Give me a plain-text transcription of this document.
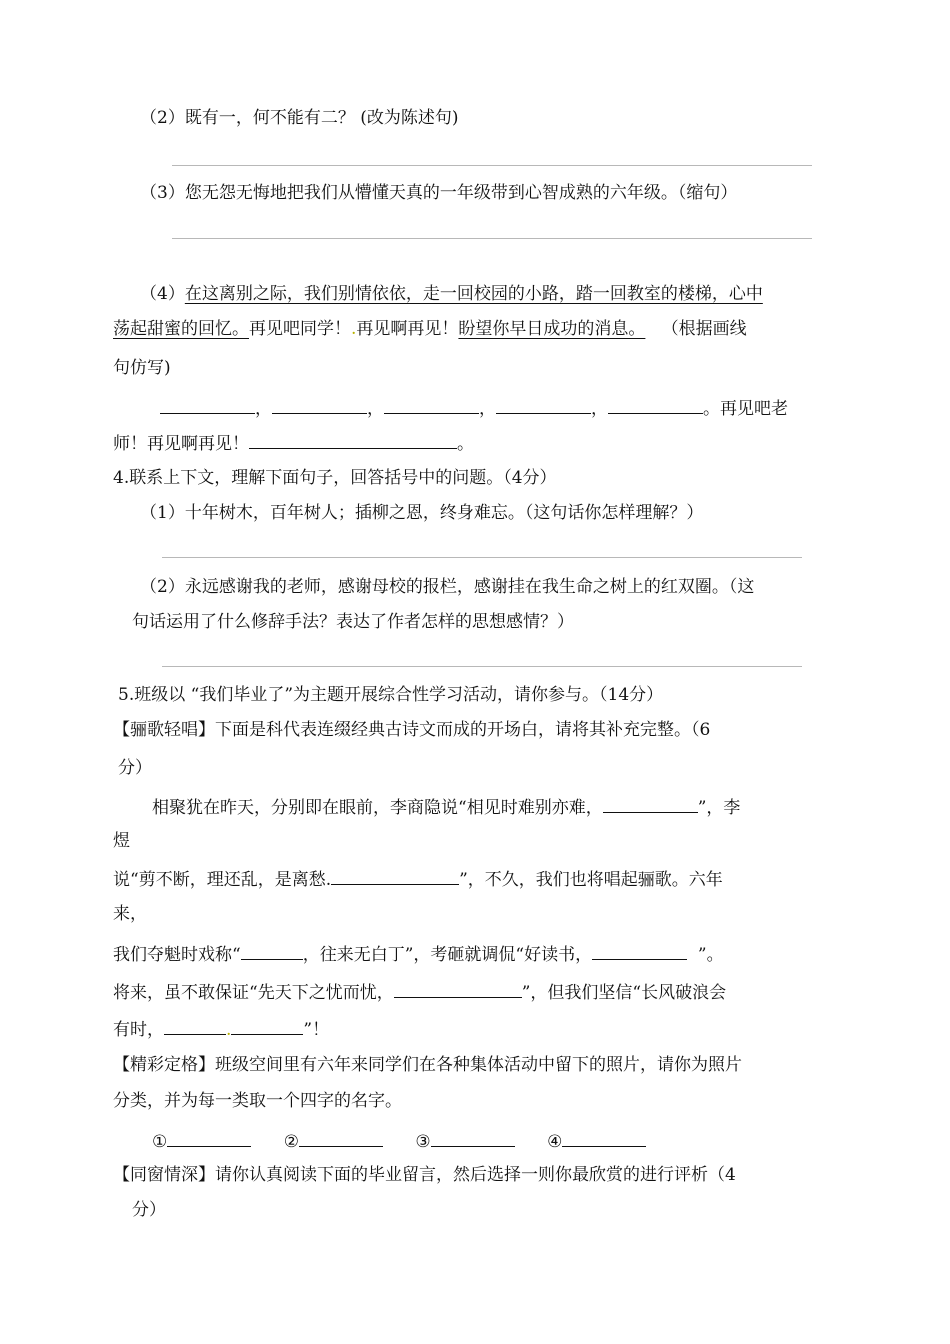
（2）既有一，何不能有二？ (改为陈述句)
（3）您无怨无悔地把我们从懵懂天真的一年级带到心智成熟的六年级。（缩句）
（4）在这离别之际，我们别情依依，走一回校园的小路，踏一回教室的楼梯，心中
荡起甜蜜的回忆。再见吧同学！.再见啊再见！盼望你早日成功的消息。 （根据画线
句仿写)
，	，	，	，	。再见吧老
师！再见啊再见！	。
4.联系上下文，理解下面句子，回答括号中的问题。（4分）
（1）十年树木，百年树人；插柳之恩，终身难忘。（这句话你怎样理解？）
（2）永远感谢我的老师，感谢母校的报栏，感谢挂在我生命之树上的红双圈。（这
句话运用了什么修辞手法？表达了作者怎样的思想感情？）
5.班级以 “我们毕业了”为主题开展综合性学习活动，请你参与。（14分）
【骊歌轻唱】下面是科代表连缀经典古诗文而成的开场白，请将其补充完整。（6
分）
相聚犹在昨天，分别即在眼前，李商隐说“相见时难别亦难，	”，李
煜
说“剪不断，理还乱，是离愁.	”，不久，我们也将唱起骊歌。六年
来，
我们夺魁时戏称“	，往来无白丁”，考砸就调侃“好读书，	”。
将来，虽不敢保证“先天下之忧而忧，	”，但我们坚信“长风破浪会
有时，	.	”！
【精彩定格】班级空间里有六年来同学们在各种集体活动中留下的照片，请你为照片
分类，并为每一类取一个四字的名字。
①	②	③	④
【同窗情深】请你认真阅读下面的毕业留言，然后选择一则你最欣赏的进行评析（4
分）
